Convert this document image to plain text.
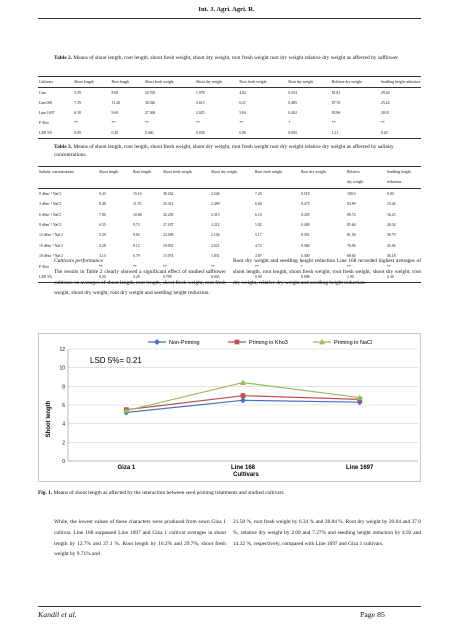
Int. J. Agri. Agri. R.
Table 2. Means of shoot length, root length, shoot fresh weight, shoot dry weight, root fresh weight root dry weight relative dry weight as affected by safflower.
Cultivars	Shoot length	Root length	Shoot fresh weight	Shoot dry weight	Root fresh weight	Root dry weight	Relative dry weight	Seedling height reduction
Gizo	5.39	8.68	24.700	1.978	4.82	0.354	81.81	29.46
Line168	7.39	11.26	30.026	2.615	6.21	0.485	87.76	25.24
Line 1697	6.58	9.69	27.368	2.025	5.84	0.402	83.96	28.01
F-Test	**	**	**	**	**	*	**	**
LSD 5%	0.09	0.20	0.460	0.038	0.06	0.005	1.21	0.20
Table 3. Means of shoot length, root length, shoot fresh weight, shoot dry weight, root fresh weight root dry weight relative dry weight as affected by salinity concentrations.
Salinity concentrations	Shoot length	Root length	Shoot fresh weight	Shoot dry weight	Root fresh weight	Root dry weight	Relative	Seedling height
							dry weight	reduction
0 dSm⁻¹ NaCl	9.43	15.16	38.262	2.546	7.20	0.518	100.0	0.00
3 dSm⁻¹ NaCl	8.48	11.55	35.313	2.499	6.60	0.475	93.89	10.46
6 dSm⁻¹ NaCl	7.86	10.68	32.250	2.315	6.10	0.435	89.74	16.25
9 dSm⁻¹ NaCl	6.55	9.73	27.187	2.212	5.82	0.408	85.64	28.34
12 dSm⁻¹ NaCl	5.29	9.02	23.509	2.104	5.17	0.391	81.56	38.70
15 dSm⁻¹ NaCl	4.28	8.12	19.952	2.021	4.72	0.360	76.96	45.06
18 dSm⁻¹ NaCl	3.14	6.79	15.074	1.831	3.87	0.300	68.64	56.18
F-Test	**	**	**	**	**	*	**	**
LSD 5%	0.20	0.29	0.709	0.043	0.09	0.008	1.90	0.30
Cultivars performance
The results in Table 2 clearly showed a significant effect of studied safflower cultivars on averages of shoot length, root length, shoot fresh weight, root fresh weight, shoot dry weight, root dry weight and seedling height reduction.
Root dry weight and seedling height reduction Line 168 recorded highest averages of shoot length, root length, shoot fresh weight, root fresh weight, shoot dry weight, root dry weight, relative dry weight and seedling height reduction.
0
2
4
6
8
10
12
Giza 1	Line 168	Line 1697
Non-Priming	Priming in Kho3	Priming in NaCl
LSD 5%= 0.21
Shoot length
Cultivars
Fig. 1. Means of shoot length as affected by the interaction between seed priming treatments and studied cultivars.
While, the lowest values of these characters were produced from sown Giza 1 cultivar. Line 168 surpassed Line 1697 and Giza 1 cultivar averages in shoot length by 12.7% and 37.1 %. Root length by 16.2% and 29.7%, shoot fresh weight by 9.71% and
21.58 %, root fresh weight by 6.34 % and 28.84 %. Root dry weight by 20.64 and 37.0 %, relative dry weight by 2.09 and 7.27% and seedling height reduction by 4.92 and 14.32 %, respectively, compared with Line 1697 and Giza 1 cultivars.
Kandil et al.	Page 85
